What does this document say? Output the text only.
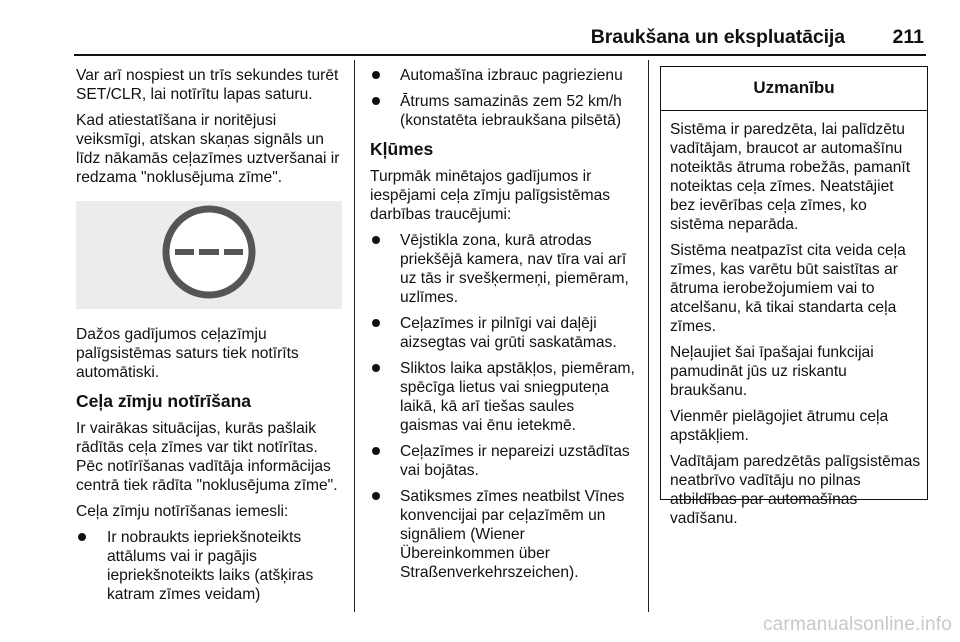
Braukšana un ekspluatācija 211

Var arī nospiest un trīs sekundes turēt SET/CLR, lai notīrītu lapas saturu.

Kad atiestatīšana ir noritējusi veiksmīgi, atskan skaņas signāls un līdz nākamās ceļazīmes uztveršanai ir redzama "noklusējuma zīme".

Dažos gadījumos ceļazīmju palīgsistēmas saturs tiek notīrīts automātiski.

Ceļa zīmju notīrīšana

Ir vairākas situācijas, kurās pašlaik rādītās ceļa zīmes var tikt notīrītas. Pēc notīrīšanas vadītāja informācijas centrā tiek rādīta "noklusējuma zīme".

Ceļa zīmju notīrīšanas iemesli:

Ir nobraukts iepriekšnoteikts attālums vai ir pagājis iepriekšnoteikts laiks (atšķiras katram zīmes veidam)
Automašīna izbrauc pagriezienu
Ātrums samazinās zem 52 km/h (konstatēta iebraukšana pilsētā)
Kļūmes

Turpmāk minētajos gadījumos ir iespējami ceļa zīmju palīgsistēmas darbības traucējumi:

Vējstikla zona, kurā atrodas priekšējā kamera, nav tīra vai arī uz tās ir svešķermeņi, piemēram, uzlīmes.
Ceļazīmes ir pilnīgi vai daļēji aizsegtas vai grūti saskatāmas.
Sliktos laika apstākļos, piemēram, spēcīga lietus vai sniegputeņa laikā, kā arī tiešas saules gaismas vai ēnu ietekmē.
Ceļazīmes ir nepareizi uzstādītas vai bojātas.
Satiksmes zīmes neatbilst Vīnes konvencijai par ceļazīmēm un signāliem (Wiener Übereinkommen über Straßenverkehrszeichen).
Uzmanību

Sistēma ir paredzēta, lai palīdzētu vadītājam, braucot ar automašīnu noteiktās ātruma robežās, pamanīt noteiktas ceļa zīmes. Neatstājiet bez ievērības ceļa zīmes, ko sistēma neparāda.

Sistēma neatpazīst cita veida ceļa zīmes, kas varētu būt saistītas ar ātruma ierobežojumiem vai to atcelšanu, kā tikai standarta ceļa zīmes.

Neļaujiet šai īpašajai funkcijai pamudināt jūs uz riskantu braukšanu.

Vienmēr pielāgojiet ātrumu ceļa apstākļiem.

Vadītājam paredzētās palīgsistēmas neatbrīvo vadītāju no pilnas atbildības par automašīnas vadīšanu.

carmanualsonline.info
